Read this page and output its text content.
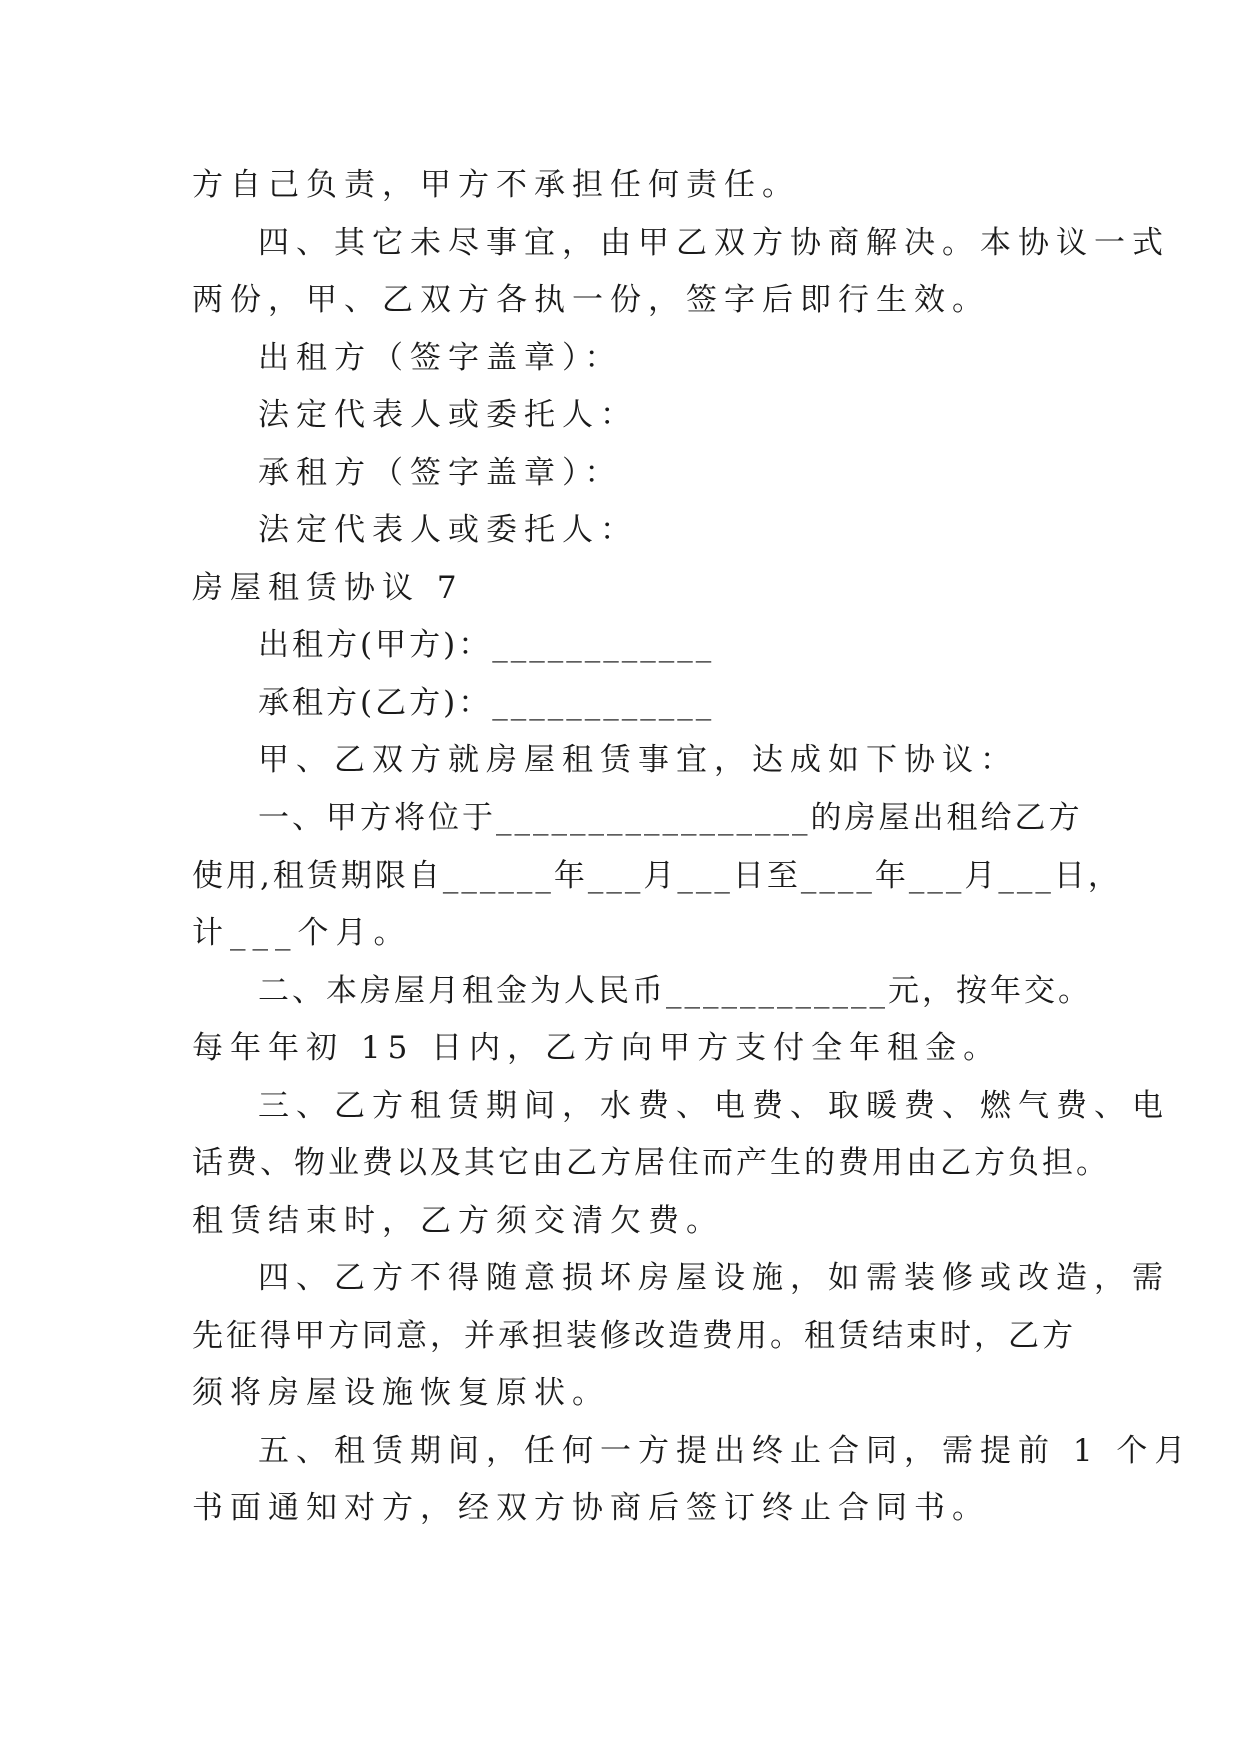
方自己负责，甲方不承担任何责任。
四、其它未尽事宜，由甲乙双方协商解决。本协议一式
两份，甲、乙双方各执一份，签字后即行生效。
出租方（签字盖章）：
法定代表人或委托人：
承租方（签字盖章）：
法定代表人或委托人：
房屋租赁协议 7
出租方(甲方)：____________
承租方(乙方)：____________
甲、乙双方就房屋租赁事宜，达成如下协议：
一、甲方将位于_________________的房屋出租给乙方
使用,租赁期限自______年___月___日至____年___月___日，
计___个月。
二、本房屋月租金为人民币____________元，按年交。
每年年初 15 日内，乙方向甲方支付全年租金。
三、乙方租赁期间，水费、电费、取暖费、燃气费、电
话费、物业费以及其它由乙方居住而产生的费用由乙方负担。
租赁结束时，乙方须交清欠费。
四、乙方不得随意损坏房屋设施，如需装修或改造，需
先征得甲方同意，并承担装修改造费用。租赁结束时，乙方
须将房屋设施恢复原状。
五、租赁期间，任何一方提出终止合同，需提前 1 个月
书面通知对方，经双方协商后签订终止合同书。
